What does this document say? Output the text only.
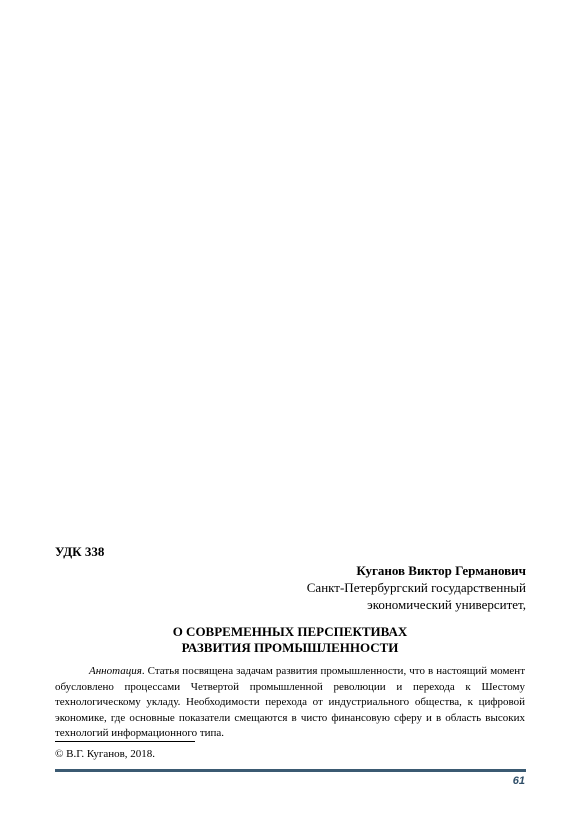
УДК 338
Куганов Виктор Германович
Санкт-Петербургский государственный
экономический университет,
О СОВРЕМЕННЫХ ПЕРСПЕКТИВАХ
РАЗВИТИЯ ПРОМЫШЛЕННОСТИ

Аннотация. Статья посвящена задачам развития промышленности, что в настоящий момент обусловлено процессами Четвертой промышленной революции и перехода к Шестому технологическому укладу. Необходимости перехода от индустриального общества, к цифровой экономике, где основные показатели смещаются в чисто финансовую сферу и в область высоких технологий информационного типа.

© В.Г. Куганов, 2018.
61
